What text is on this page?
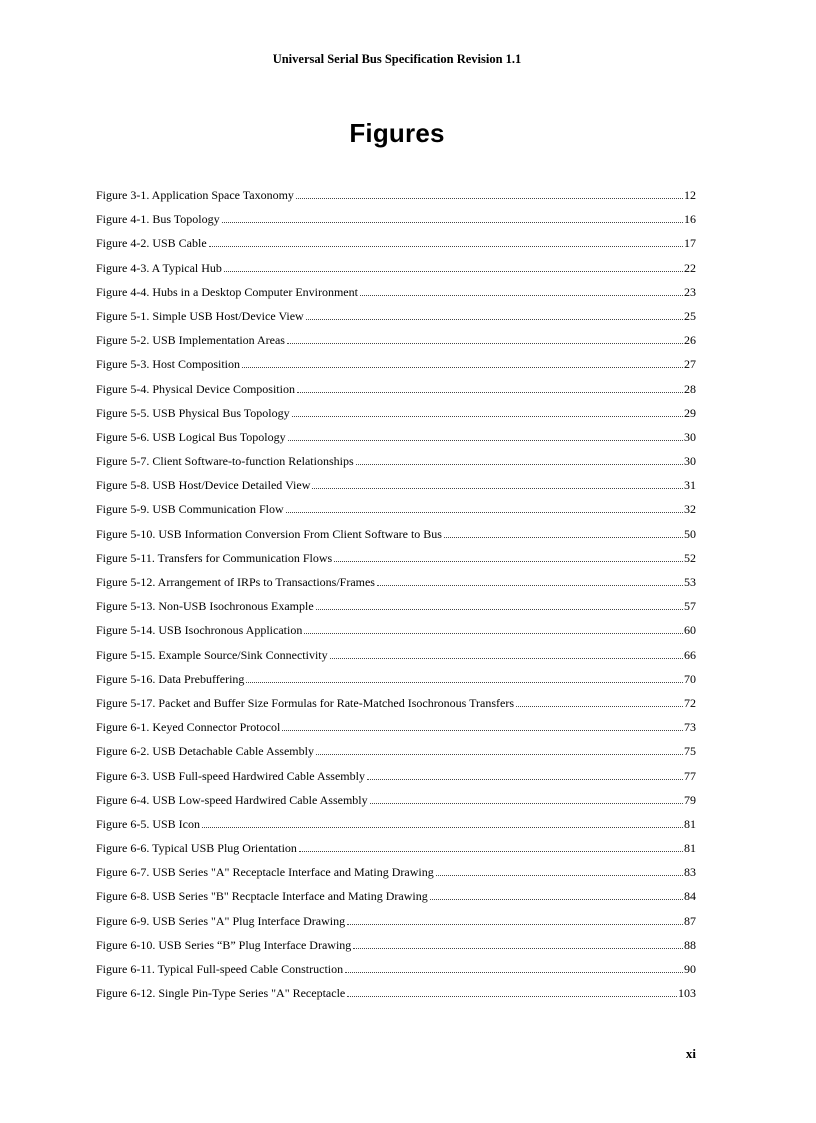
Universal Serial Bus Specification Revision 1.1
Figures
Figure 3-1. Application Space Taxonomy	12
Figure 4-1. Bus Topology	16
Figure 4-2. USB Cable	17
Figure 4-3. A Typical Hub	22
Figure 4-4. Hubs in a Desktop Computer Environment	23
Figure 5-1. Simple USB Host/Device View	25
Figure 5-2. USB Implementation Areas	26
Figure 5-3. Host Composition	27
Figure 5-4. Physical Device Composition	28
Figure 5-5. USB Physical Bus Topology	29
Figure 5-6. USB Logical Bus Topology	30
Figure 5-7. Client Software-to-function Relationships	30
Figure 5-8. USB Host/Device Detailed View	31
Figure 5-9. USB Communication Flow	32
Figure 5-10. USB Information Conversion From Client Software to Bus	50
Figure 5-11. Transfers for Communication Flows	52
Figure 5-12. Arrangement of IRPs to Transactions/Frames	53
Figure 5-13. Non-USB Isochronous Example	57
Figure 5-14. USB Isochronous Application	60
Figure 5-15. Example Source/Sink Connectivity	66
Figure 5-16. Data Prebuffering	70
Figure 5-17. Packet and Buffer Size Formulas for Rate-Matched Isochronous Transfers	72
Figure 6-1. Keyed Connector Protocol	73
Figure 6-2. USB Detachable Cable Assembly	75
Figure 6-3. USB Full-speed Hardwired Cable Assembly	77
Figure 6-4. USB Low-speed Hardwired Cable Assembly	79
Figure 6-5. USB Icon	81
Figure 6-6. Typical USB Plug Orientation	81
Figure 6-7. USB Series "A" Receptacle Interface and Mating Drawing	83
Figure 6-8. USB Series "B" Recptacle Interface and Mating Drawing	84
Figure 6-9. USB Series "A" Plug Interface Drawing	87
Figure 6-10. USB Series “B” Plug Interface Drawing	88
Figure 6-11. Typical Full-speed Cable Construction	90
Figure 6-12. Single Pin-Type Series "A" Receptacle	103
xi
